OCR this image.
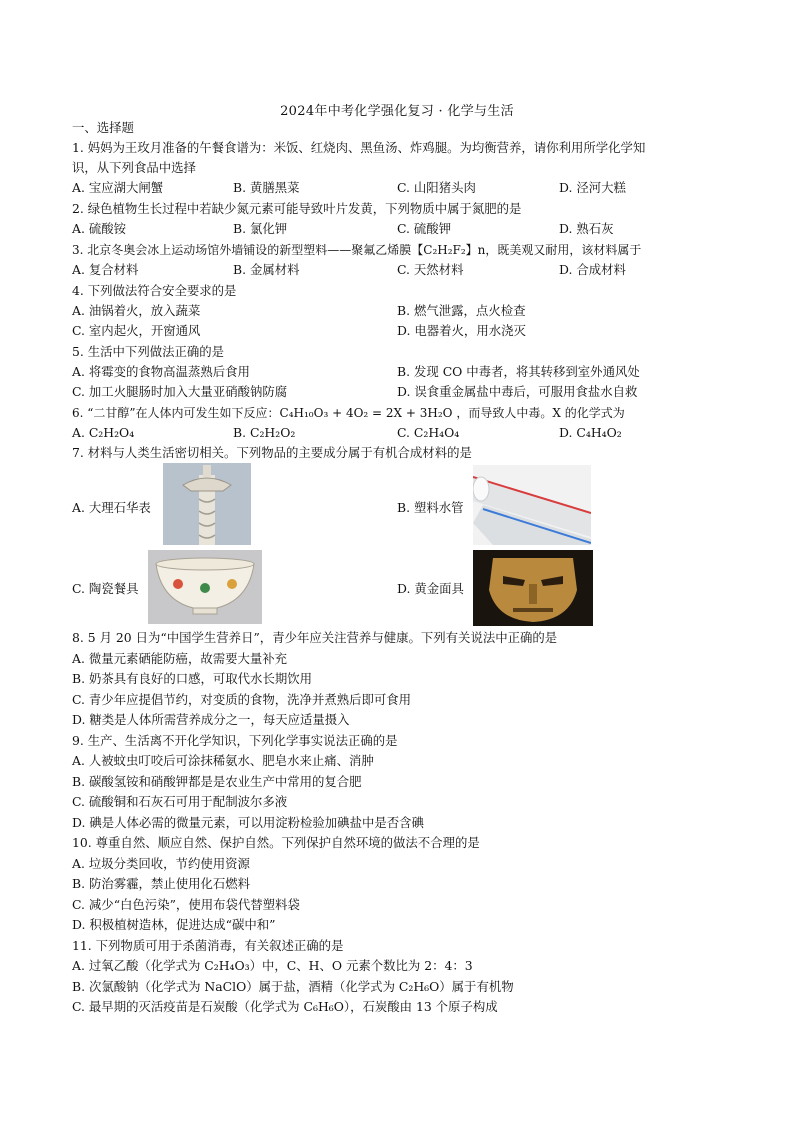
2024年中考化学强化复习 · 化学与生活
一、选择题
1. 妈妈为王玫月准备的午餐食谱为：米饭、红烧肉、黑鱼汤、炸鸡腿。为均衡营养，请你利用所学化学知
识，从下列食品中选择
A. 宝应湖大闸蟹	B. 黄膳黑菜	C. 山阳猪头肉	D. 泾河大糕
2. 绿色植物生长过程中若缺少氮元素可能导致叶片发黄，下列物质中属于氮肥的是
A. 硫酸铵	B. 氯化钾	C. 硫酸钾	D. 熟石灰
3. 北京冬奥会冰上运动场馆外墙铺设的新型塑料——聚氟乙烯膜【C₂H₂F₂】n，既美观又耐用，该材料属于
A. 复合材料	B. 金属材料	C. 天然材料	D. 合成材料
4. 下列做法符合安全要求的是
A. 油锅着火，放入蔬菜	B. 燃气泄露，点火检查
C. 室内起火，开窗通风	D. 电器着火，用水浇灭
5. 生活中下列做法正确的是
A. 将霉变的食物高温蒸熟后食用	B. 发现 CO 中毒者，将其转移到室外通风处
C. 加工火腿肠时加入大量亚硝酸钠防腐	D. 误食重金属盐中毒后，可服用食盐水自救
6. “二甘醇”在人体内可发生如下反应：C₄H₁₀O₃ + 4O₂ = 2X + 3H₂O ，而导致人中毒。X 的化学式为
A. C₂H₂O₄	B. C₂H₂O₂	C. C₂H₄O₄	D. C₄H₄O₂
7. 材料与人类生活密切相关。下列物品的主要成分属于有机合成材料的是
A. 大理石华表	B. 塑料水管
C. 陶瓷餐具	D. 黄金面具
8. 5 月 20 日为“中国学生营养日”，青少年应关注营养与健康。下列有关说法中正确的是
A. 微量元素硒能防癌，故需要大量补充
B. 奶茶具有良好的口感，可取代水长期饮用
C. 青少年应提倡节约，对变质的食物，洗净并煮熟后即可食用
D. 糖类是人体所需营养成分之一，每天应适量摄入
9. 生产、生活离不开化学知识，下列化学事实说法正确的是
A. 人被蚊虫叮咬后可涂抹稀氨水、肥皂水来止痛、消肿
B. 碳酸氢铵和硝酸钾都是是农业生产中常用的复合肥
C. 硫酸铜和石灰石可用于配制波尔多液
D. 碘是人体必需的微量元素，可以用淀粉检验加碘盐中是否含碘
10. 尊重自然、顺应自然、保护自然。下列保护自然环境的做法不合理的是
A. 垃圾分类回收，节约使用资源
B. 防治雾霾，禁止使用化石燃料
C. 减少“白色污染”，使用布袋代替塑料袋
D. 积极植树造林，促进达成“碳中和”
11. 下列物质可用于杀菌消毒，有关叙述正确的是
A. 过氧乙酸（化学式为 C₂H₄O₃）中，C、H、O 元素个数比为 2：4：3
B. 次氯酸钠（化学式为 NaClO）属于盐，酒精（化学式为 C₂H₆O）属于有机物
C. 最早期的灭活疫苗是石炭酸（化学式为 C₆H₆O），石炭酸由 13 个原子构成
